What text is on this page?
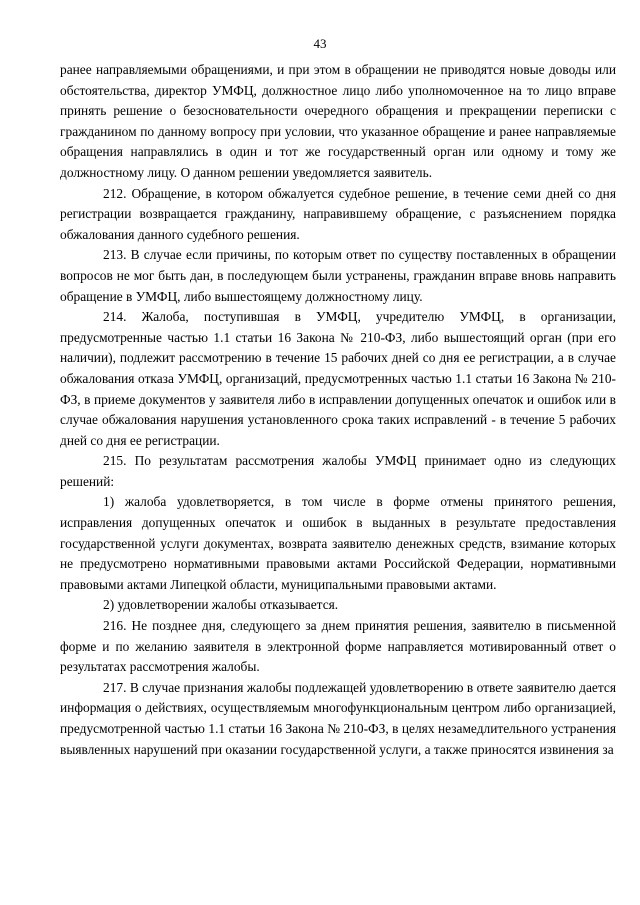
43

ранее направляемыми обращениями, и при этом в обращении не приводятся новые доводы или обстоятельства, директор УМФЦ, должностное лицо либо уполномоченное на то лицо вправе принять решение о безосновательности очередного обращения и прекращении переписки с гражданином по данному вопросу при условии, что указанное обращение и ранее направляемые обращения направлялись в один и тот же государственный орган или одному и тому же должностному лицу. О данном решении уведомляется заявитель.

212. Обращение, в котором обжалуется судебное решение, в течение семи дней со дня регистрации возвращается гражданину, направившему обращение, с разъяснением порядка обжалования данного судебного решения.

213. В случае если причины, по которым ответ по существу поставленных в обращении вопросов не мог быть дан, в последующем были устранены, гражданин вправе вновь направить обращение в УМФЦ, либо вышестоящему должностному лицу.

214. Жалоба, поступившая в УМФЦ, учредителю УМФЦ, в организации, предусмотренные частью 1.1 статьи 16 Закона № 210-ФЗ, либо вышестоящий орган (при его наличии), подлежит рассмотрению в течение 15 рабочих дней со дня ее регистрации, а в случае обжалования отказа УМФЦ, организаций, предусмотренных частью 1.1 статьи 16 Закона № 210-ФЗ, в приеме документов у заявителя либо в исправлении допущенных опечаток и ошибок или в случае обжалования нарушения установленного срока таких исправлений - в течение 5 рабочих дней со дня ее регистрации.

215. По результатам рассмотрения жалобы УМФЦ принимает одно из следующих решений:

1) жалоба удовлетворяется, в том числе в форме отмены принятого решения, исправления допущенных опечаток и ошибок в выданных в результате предоставления государственной услуги документах, возврата заявителю денежных средств, взимание которых не предусмотрено нормативными правовыми актами Российской Федерации, нормативными правовыми актами Липецкой области, муниципальными правовыми актами.

2) удовлетворении жалобы отказывается.

216. Не позднее дня, следующего за днем принятия решения, заявителю в письменной форме и по желанию заявителя в электронной форме направляется мотивированный ответ о результатах рассмотрения жалобы.

217. В случае признания жалобы подлежащей удовлетворению в ответе заявителю дается информация о действиях, осуществляемым многофункциональным центром либо организацией, предусмотренной частью 1.1 статьи 16 Закона № 210-ФЗ, в целях незамедлительного устранения выявленных нарушений при оказании государственной услуги, а также приносятся извинения за
